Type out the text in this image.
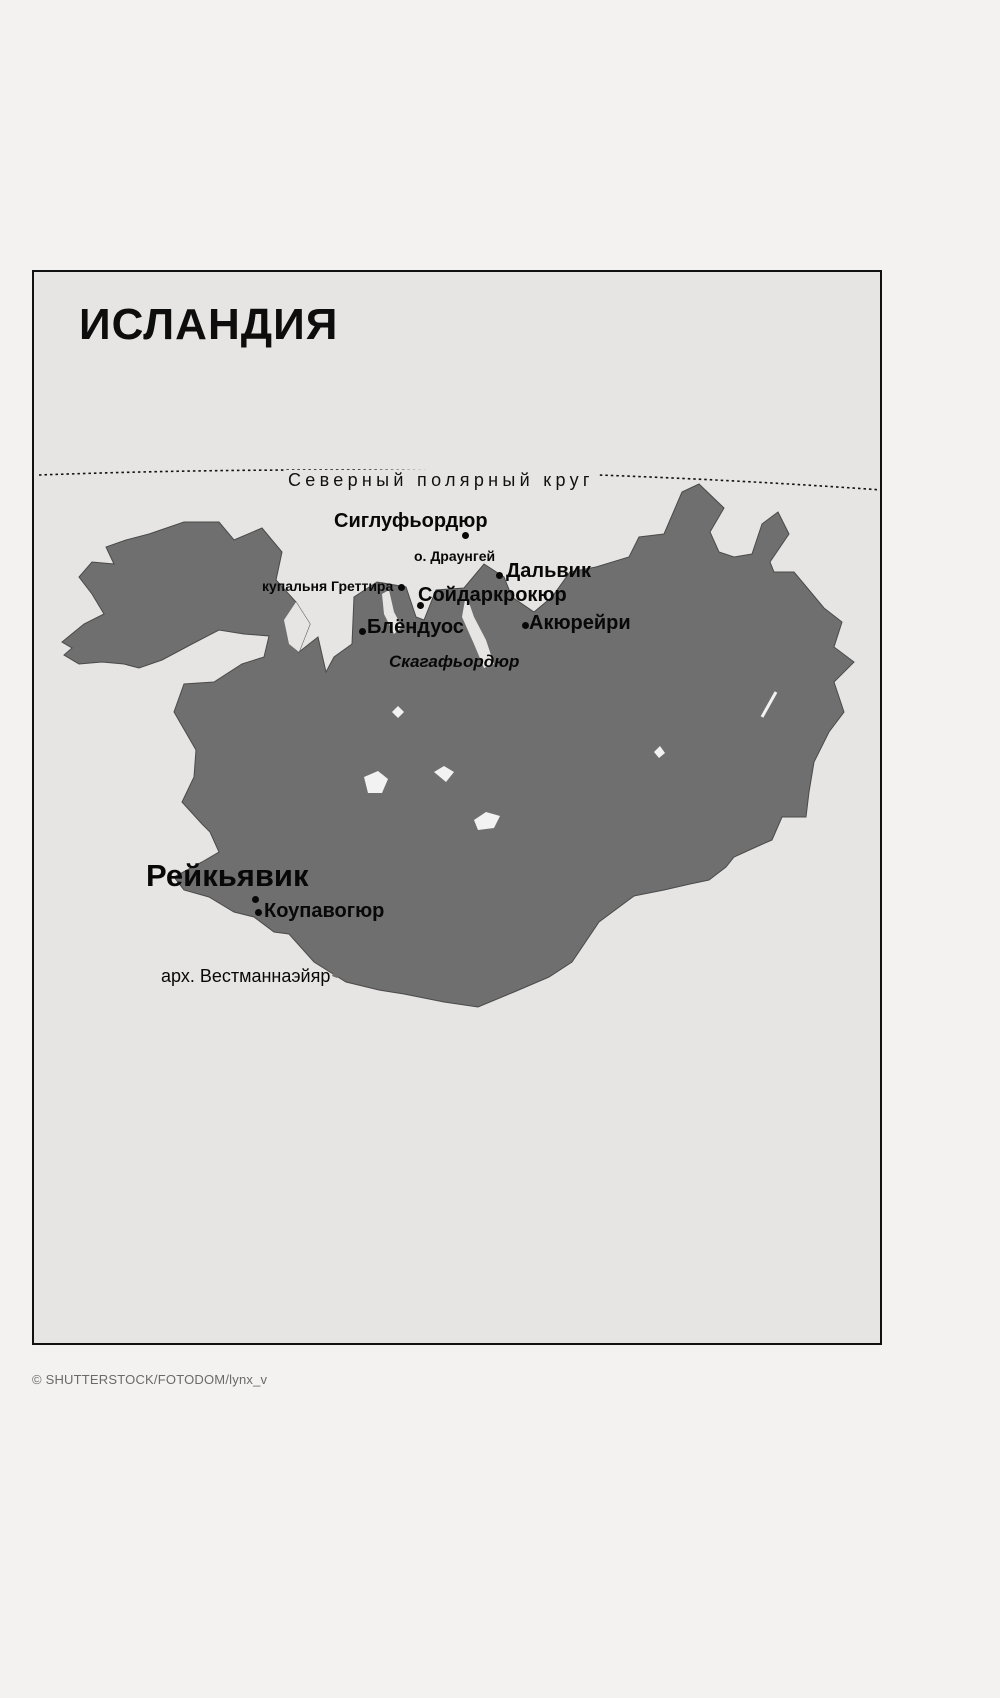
ИСЛАНДИЯ
Северный полярный круг
Сиглуфьордюр
о. Драунгей
Дальвик
купальня Греттира Сойдаркрокюр
Блёндуос	Акюрейри
Скагафьордюр
Рейкьявик
Коупавогюр
арх. Вестманнаэйяр
© SHUTTERSTOCK/FOTODOM/lynx_v
